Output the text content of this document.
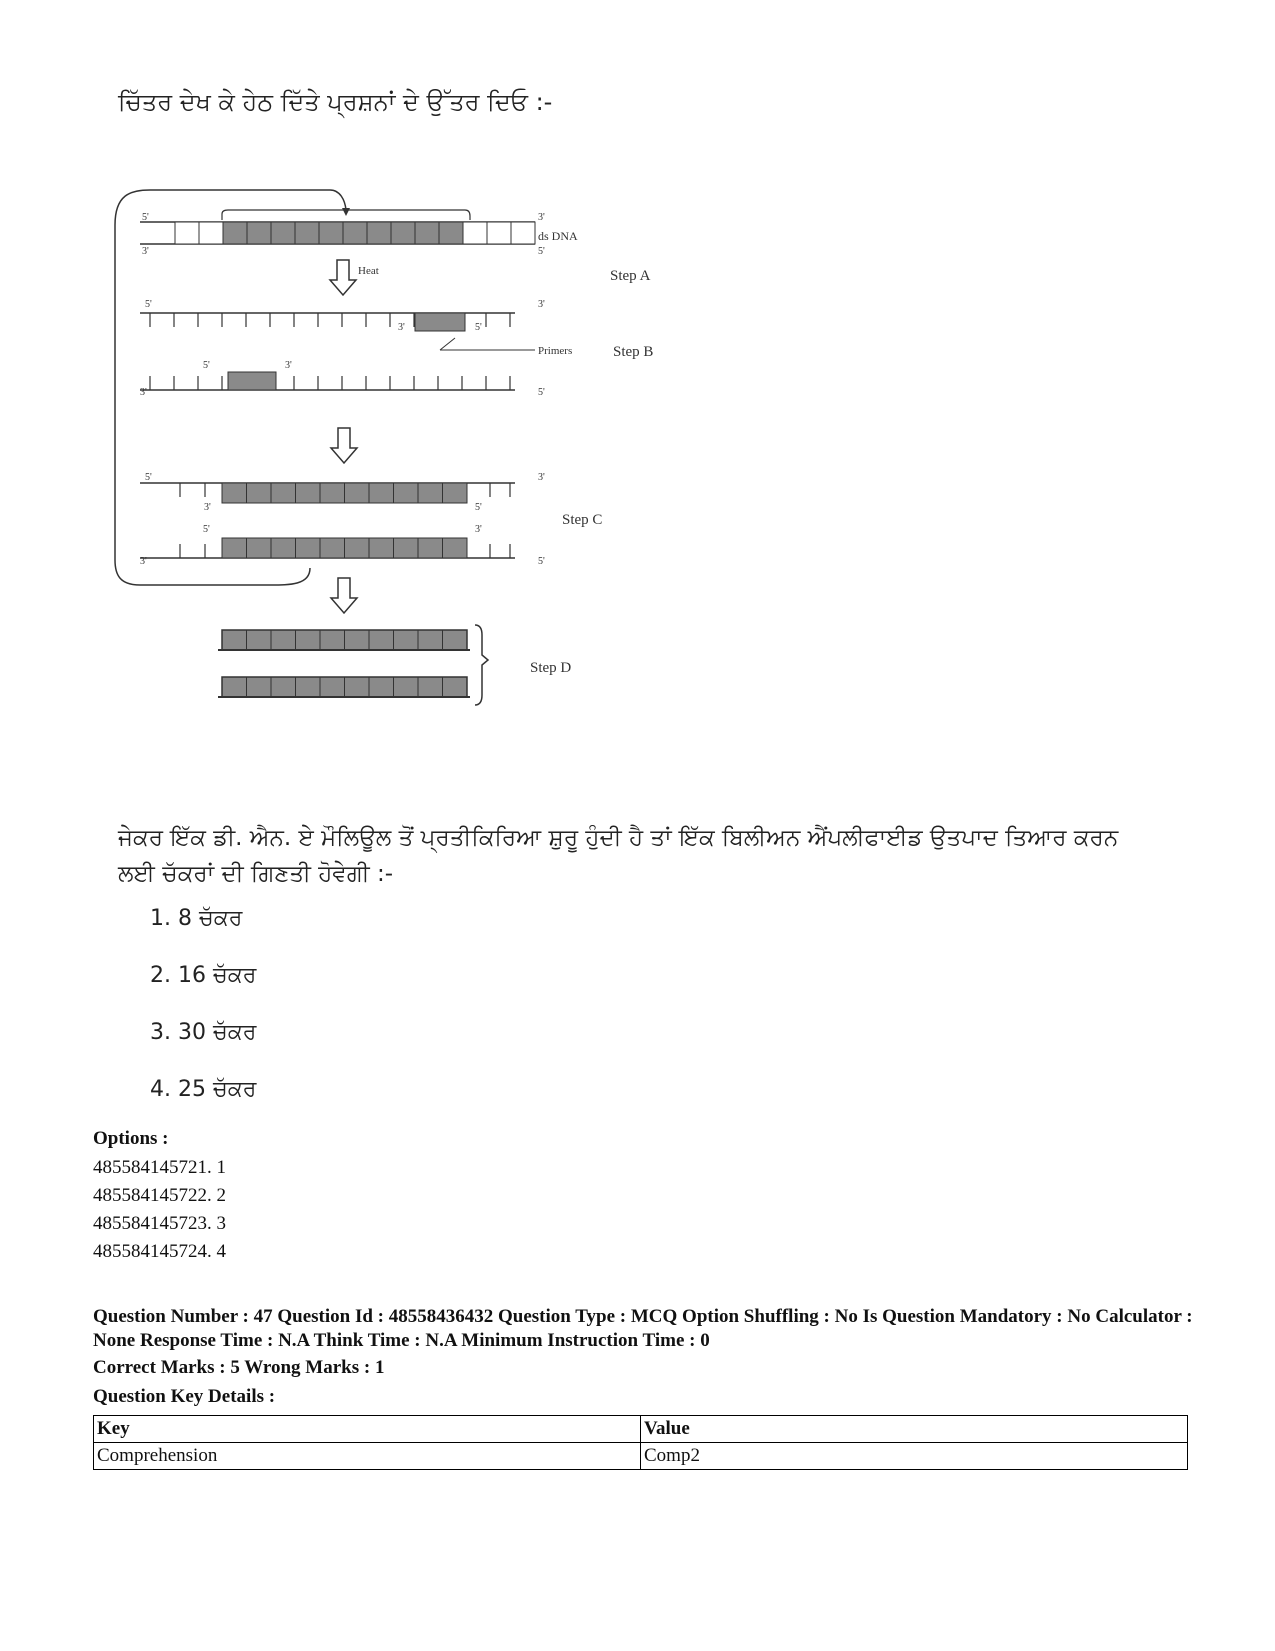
ਚਿੱਤਰ ਦੇਖ ਕੇ ਹੇਠ ਦਿੱਤੇ ਪ੍ਰਸ਼ਨਾਂ ਦੇ ਉੱਤਰ ਦਿਓ :-
ds DNA
Heat	Step A
Primers	Step B
Step C
Step D
5'
3'
3'
5'
5'	3'
3'	5'
3'	5'
5'	3'
5'	3'
3'	5'
5'	3'
3'	5'
ਜੇਕਰ ਇੱਕ ਡੀ. ਐਨ. ਏ ਮੌਲਿਊਲ ਤੋਂ ਪ੍ਰਤੀਕਿਰਿਆ ਸ਼ੁਰੂ ਹੁੰਦੀ ਹੈ ਤਾਂ ਇੱਕ ਬਿਲੀਅਨ ਐਂਪਲੀਫਾਈਡ ਉਤਪਾਦ ਤਿਆਰ ਕਰਨ ਲਈ ਚੱਕਰਾਂ ਦੀ ਗਿਣਤੀ ਹੋਵੇਗੀ :-
1. 8 ਚੱਕਰ
2. 16 ਚੱਕਰ
3. 30 ਚੱਕਰ
4. 25 ਚੱਕਰ
Options :
485584145721. 1
485584145722. 2
485584145723. 3
485584145724. 4
Question Number : 47 Question Id : 48558436432 Question Type : MCQ Option Shuffling : No Is Question Mandatory : No Calculator : None Response Time : N.A Think Time : N.A Minimum Instruction Time : 0
Correct Marks : 5 Wrong Marks : 1
Question Key Details :
Key	Value
Comprehension	Comp2
